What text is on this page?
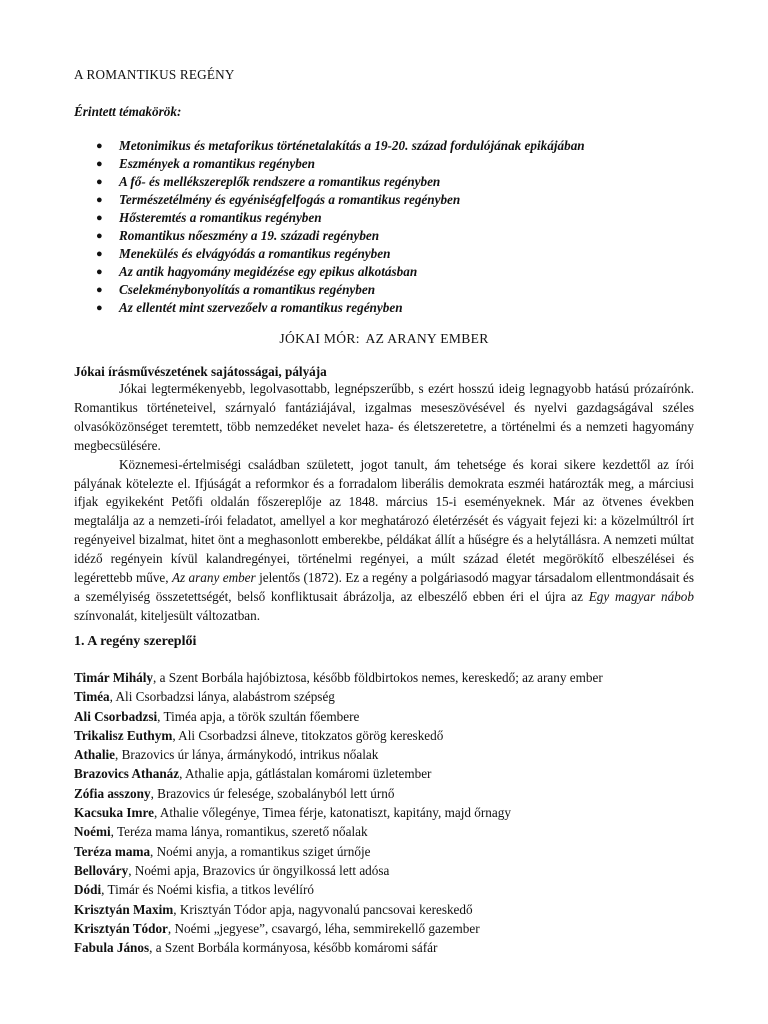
A ROMANTIKUS REGÉNY

Érintett témakörök:

● Metonimikus és metaforikus történetalakítás a 19-20. század fordulójának epikájában
● Eszmények a romantikus regényben
● A fő- és mellékszereplők rendszere a romantikus regényben
● Természetélmény és egyéniségfelfogás a romantikus regényben
● Hősteremtés a romantikus regényben
● Romantikus nőeszmény a 19. századi regényben
● Menekülés és elvágyódás a romantikus regényben
● Az antik hagyomány megidézése egy epikus alkotásban
● Cselekménybonyolítás a romantikus regényben
● Az ellentét mint szervezőelv a romantikus regényben
JÓKAI MÓR: AZ ARANY EMBER

Jókai írásművészetének sajátosságai, pályája

Jókai legtermékenyebb, legolvasottabb, legnépszerűbb, s ezért hosszú ideig legnagyobb hatású prózaírónk. Romantikus történeteivel, szárnyaló fantáziájával, izgalmas meseszövésével és nyelvi gazdagságával széles olvasóközönséget teremtett, több nemzedéket nevelet haza- és életszeretetre, a történelmi és a nemzeti hagyomány megbecsülésére.

Köznemesi-értelmiségi családban született, jogot tanult, ám tehetsége és korai sikere kezdettől az írói pályának kötelezte el. Ifjúságát a reformkor és a forradalom liberális demokrata eszméi határozták meg, a márciusi ifjak egyikeként Petőfi oldalán főszereplője az 1848. március 15-i eseményeknek. Már az ötvenes években megtalálja az a nemzeti-írói feladatot, amellyel a kor meghatározó életérzését és vágyait fejezi ki: a közelmúltról írt regényeivel bizalmat, hitet önt a meghasonlott emberekbe, példákat állít a hűségre és a helytállásra. A nemzeti múltat idéző regényein kívül kalandregényei, történelmi regényei, a múlt század életét megörökítő elbeszélései és legérettebb műve, Az arany ember jelentős (1872). Ez a regény a polgáriasodó magyar társadalom ellentmondásait és a személyiség összetettségét, belső konfliktusait ábrázolja, az elbeszélő ebben éri el újra az Egy magyar nábob színvonalát, kiteljesült változatban.

1. A regény szereplői
Timár Mihály, a Szent Borbála hajóbiztosa, később földbirtokos nemes, kereskedő; az arany ember
Timéa, Ali Csorbadzsi lánya, alabástrom szépség
Ali Csorbadzsi, Timéa apja, a török szultán főembere
Trikalisz Euthym, Ali Csorbadzsi álneve, titokzatos görög kereskedő
Athalie, Brazovics úr lánya, ármánykodó, intrikus nőalak
Brazovics Athanáz, Athalie apja, gátlástalan komáromi üzletember
Zófia asszony, Brazovics úr felesége, szobalányból lett úrnő
Kacsuka Imre, Athalie vőlegénye, Timea férje, katonatiszt, kapitány, majd őrnagy
Noémi, Teréza mama lánya, romantikus, szerető nőalak
Teréza mama, Noémi anyja, a romantikus sziget úrnője
Bellováry, Noémi apja, Brazovics úr öngyilkossá lett adósa
Dódi, Timár és Noémi kisfia, a titkos levélíró
Krisztyán Maxim, Krisztyán Tódor apja, nagyvonalú pancsovai kereskedő
Krisztyán Tódor, Noémi „jegyese”, csavargó, léha, semmirekellő gazember
Fabula János, a Szent Borbála kormányosa, később komáromi sáfár
